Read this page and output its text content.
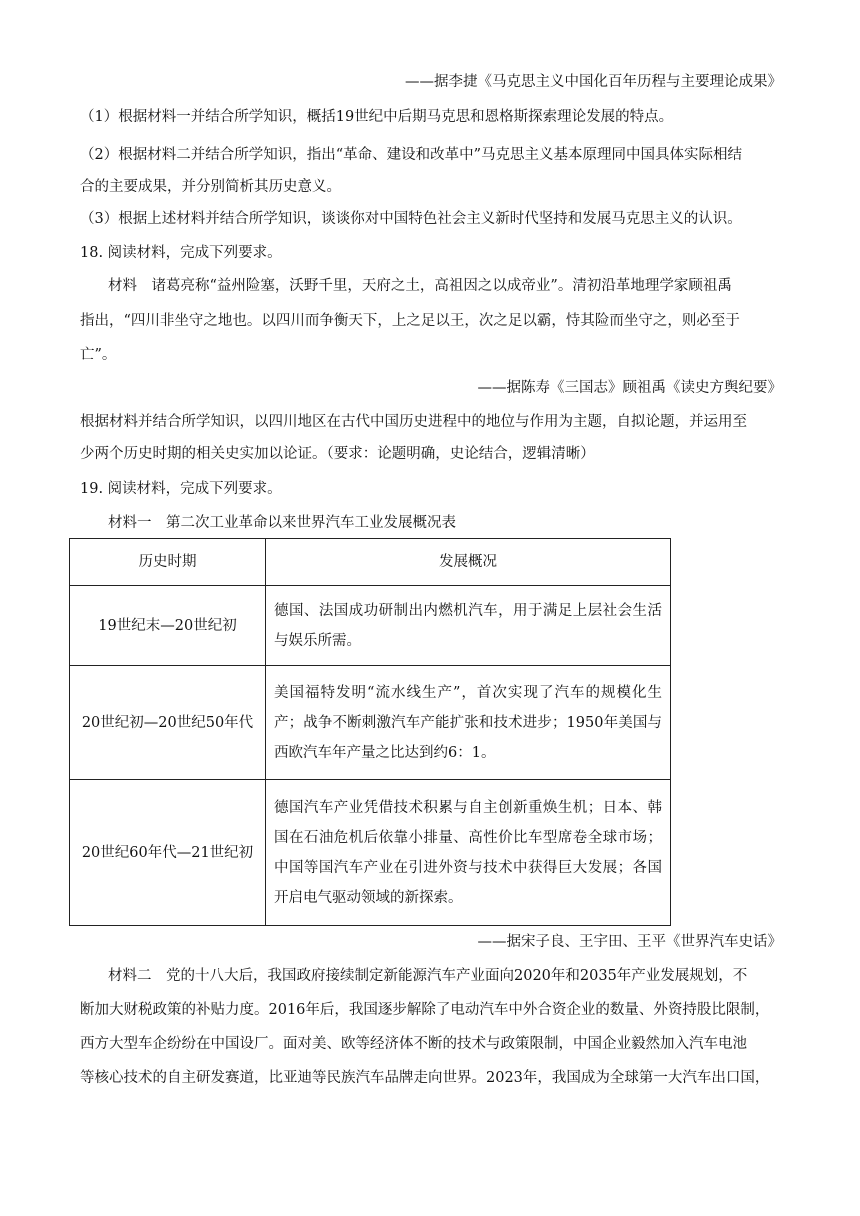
——据李捷《马克思主义中国化百年历程与主要理论成果》
（1）根据材料一并结合所学知识，概括19世纪中后期马克思和恩格斯探索理论发展的特点。
（2）根据材料二并结合所学知识，指出“革命、建设和改革中”马克思主义基本原理同中国具体实际相结
合的主要成果，并分别简析其历史意义。
（3）根据上述材料并结合所学知识，谈谈你对中国特色社会主义新时代坚持和发展马克思主义的认识。
18. 阅读材料，完成下列要求。
材料　诸葛亮称“益州险塞，沃野千里，天府之土，高祖因之以成帝业”。清初沿革地理学家顾祖禹
指出，“四川非坐守之地也。以四川而争衡天下，上之足以王，次之足以霸，恃其险而坐守之，则必至于
亡”。
——据陈寿《三国志》顾祖禹《读史方舆纪要》
根据材料并结合所学知识，以四川地区在古代中国历史进程中的地位与作用为主题，自拟论题，并运用至
少两个历史时期的相关史实加以论证。（要求：论题明确，史论结合，逻辑清晰）
19. 阅读材料，完成下列要求。
材料一　第二次工业革命以来世界汽车工业发展概况表
历史时期	发展概况
19世纪末—20世纪初	德国、法国成功研制出内燃机汽车，用于满足上层社会生活与娱乐所需。
20世纪初—20世纪50年代	美国福特发明“流水线生产”，首次实现了汽车的规模化生产；战争不断刺激汽车产能扩张和技术进步；1950年美国与西欧汽车年产量之比达到约6：1。
20世纪60年代—21世纪初	德国汽车产业凭借技术积累与自主创新重焕生机；日本、韩国在石油危机后依靠小排量、高性价比车型席卷全球市场；中国等国汽车产业在引进外资与技术中获得巨大发展；各国开启电气驱动领域的新探索。
——据宋子良、王宇田、王平《世界汽车史话》
材料二　党的十八大后，我国政府接续制定新能源汽车产业面向2020年和2035年产业发展规划，不
断加大财税政策的补贴力度。2016年后，我国逐步解除了电动汽车中外合资企业的数量、外资持股比限制，
西方大型车企纷纷在中国设厂。面对美、欧等经济体不断的技术与政策限制，中国企业毅然加入汽车电池
等核心技术的自主研发赛道，比亚迪等民族汽车品牌走向世界。2023年，我国成为全球第一大汽车出口国，
